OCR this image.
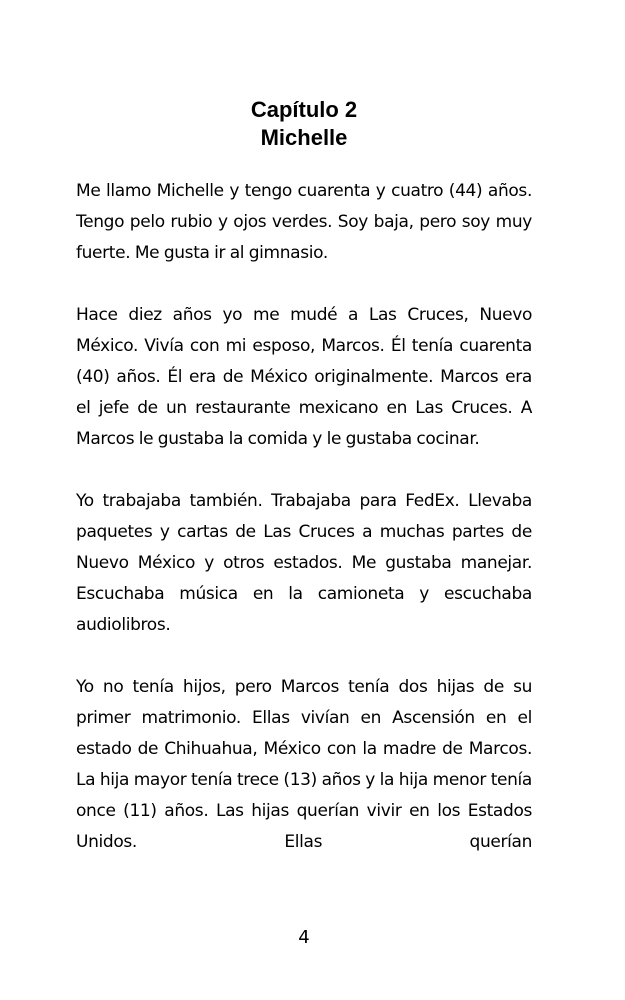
Capítulo 2
Michelle

Me llamo Michelle y tengo cuarenta y cuatro (44) años. Tengo pelo rubio y ojos verdes. Soy baja, pero soy muy fuerte. Me gusta ir al gimnasio.

Hace diez años yo me mudé a Las Cruces, Nuevo México. Vivía con mi esposo, Marcos. Él tenía cuarenta (40) años. Él era de México originalmente. Marcos era el jefe de un restaurante mexicano en Las Cruces. A Marcos le gustaba la comida y le gustaba cocinar.

Yo trabajaba también. Trabajaba para FedEx. Llevaba paquetes y cartas de Las Cruces a muchas partes de Nuevo México y otros estados. Me gustaba manejar. Escuchaba música en la camioneta y escuchaba audiolibros.

Yo no tenía hijos, pero Marcos tenía dos hijas de su primer matrimonio. Ellas vivían en Ascensión en el estado de Chihuahua, México con la madre de Marcos. La hija mayor tenía trece (13) años y la hija menor tenía once (11) años. Las hijas querían vivir en los Estados Unidos. Ellas querían

4
